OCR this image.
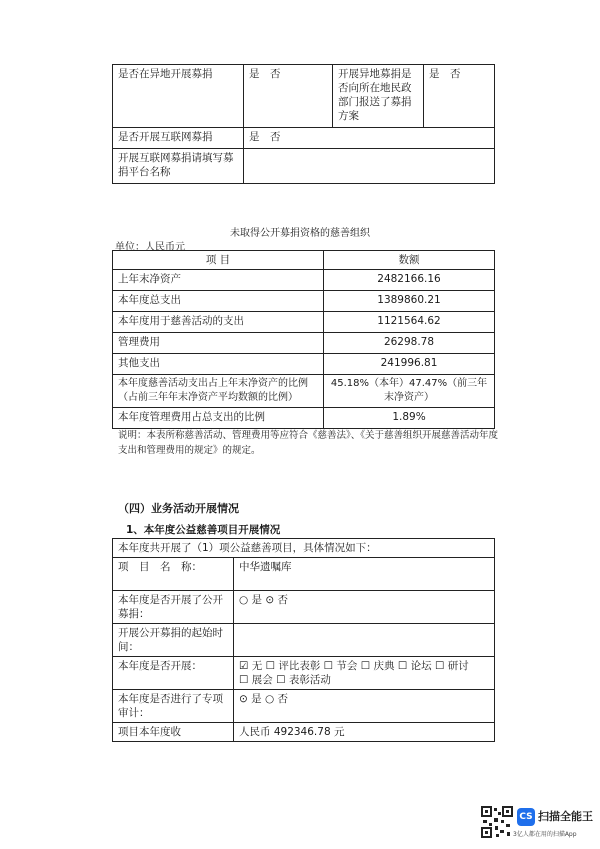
是否在异地开展募捐	是　否	开展异地募捐是否向所在地民政部门报送了募捐方案	是　否
是否开展互联网募捐	是　否		
开展互联网募捐请填写募捐平台名称			
未取得公开募捐资格的慈善组织
单位：人民币元
项 目	数额
上年末净资产	2482166.16
本年度总支出	1389860.21
本年度用于慈善活动的支出	1121564.62
管理费用	26298.78
其他支出	241996.81
本年度慈善活动支出占上年末净资产的比例（占前三年年末净资产平均数额的比例）	45.18%（本年）47.47%（前三年末净资产）
本年度管理费用占总支出的比例	1.89%
说明：本表所称慈善活动、管理费用等应符合《慈善法》、《关于慈善组织开展慈善活动年度支出和管理费用的规定》的规定。
（四）业务活动开展情况
1、本年度公益慈善项目开展情况
本年度共开展了（1）项公益慈善项目，具体情况如下：	
项　目　名　称：	中华遗嘱库
本年度是否开展了公开募捐：	○ 是 ⊙ 否
开展公开募捐的起始时间：	
本年度是否开展：	☑ 无 ☐ 评比表彰 ☐ 节会 ☐ 庆典 ☐ 论坛 ☐ 研讨
☐ 展会 ☐ 表彰活动

本年度是否进行了专项审计：	⊙ 是 ○ 否
项目本年度收	人民币 492346.78 元
CS 扫描全能王
3亿人都在用的扫描App
